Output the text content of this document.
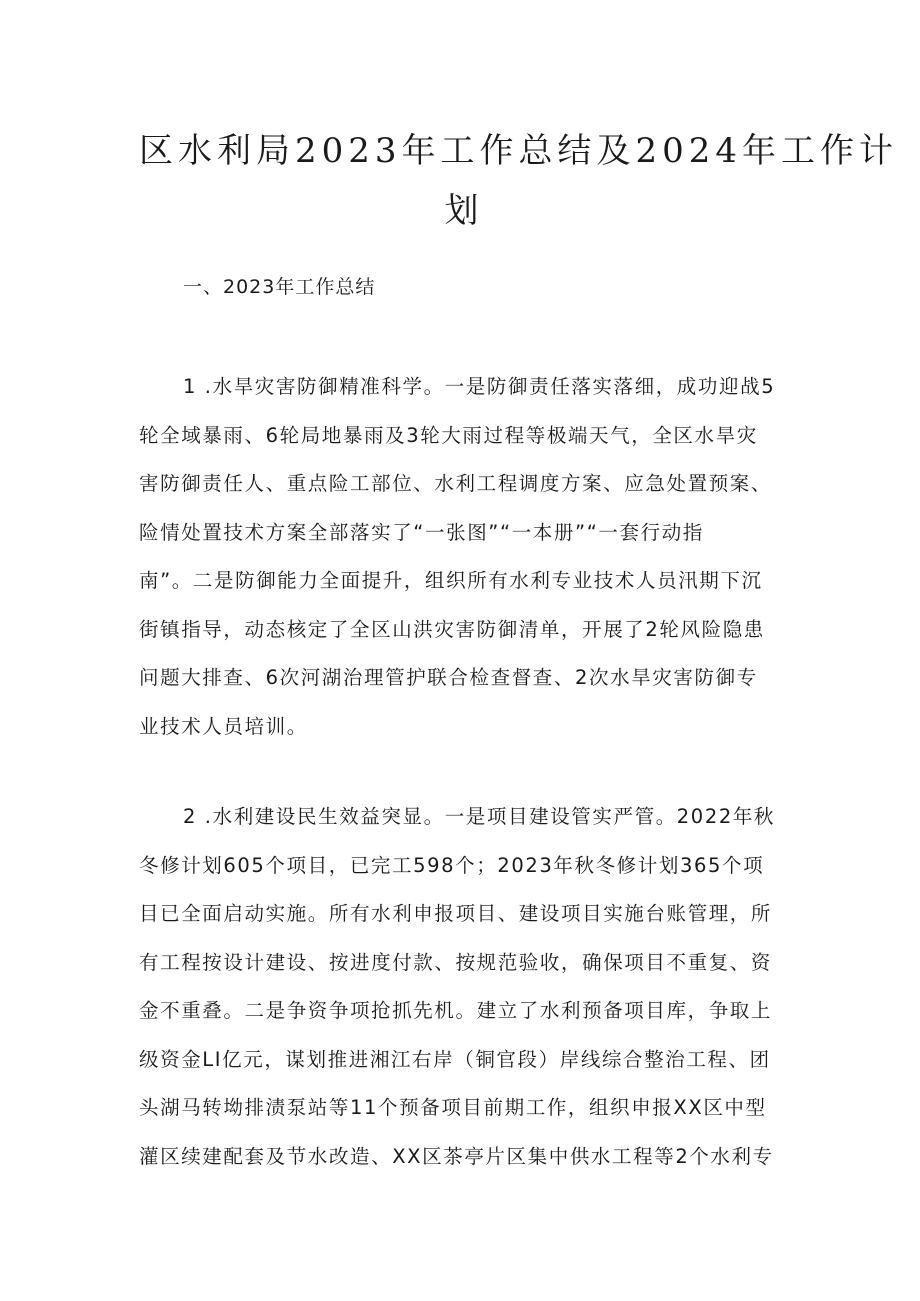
区水利局2023年工作总结及2024年工作计
划
一、2023年工作总结
1 .水旱灾害防御精准科学。一是防御责任落实落细，成功迎战5
轮全域暴雨、6轮局地暴雨及3轮大雨过程等极端天气，全区水旱灾
害防御责任人、重点险工部位、水利工程调度方案、应急处置预案、
险情处置技术方案全部落实了“一张图”“一本册”“一套行动指
南”。二是防御能力全面提升，组织所有水利专业技术人员汛期下沉
街镇指导，动态核定了全区山洪灾害防御清单，开展了2轮风险隐患
问题大排查、6次河湖治理管护联合检查督查、2次水旱灾害防御专
业技术人员培训。
2 .水利建设民生效益突显。一是项目建设管实严管。2022年秋
冬修计划605个项目，已完工598个；2023年秋冬修计划365个项
目已全面启动实施。所有水利申报项目、建设项目实施台账管理，所
有工程按设计建设、按进度付款、按规范验收，确保项目不重复、资
金不重叠。二是争资争项抢抓先机。建立了水利预备项目库，争取上
级资金LI亿元，谋划推进湘江右岸（铜官段）岸线综合整治工程、团
头湖马转坳排渍泵站等11个预备项目前期工作，组织申报XX区中型
灌区续建配套及节水改造、XX区茶亭片区集中供水工程等2个水利专
